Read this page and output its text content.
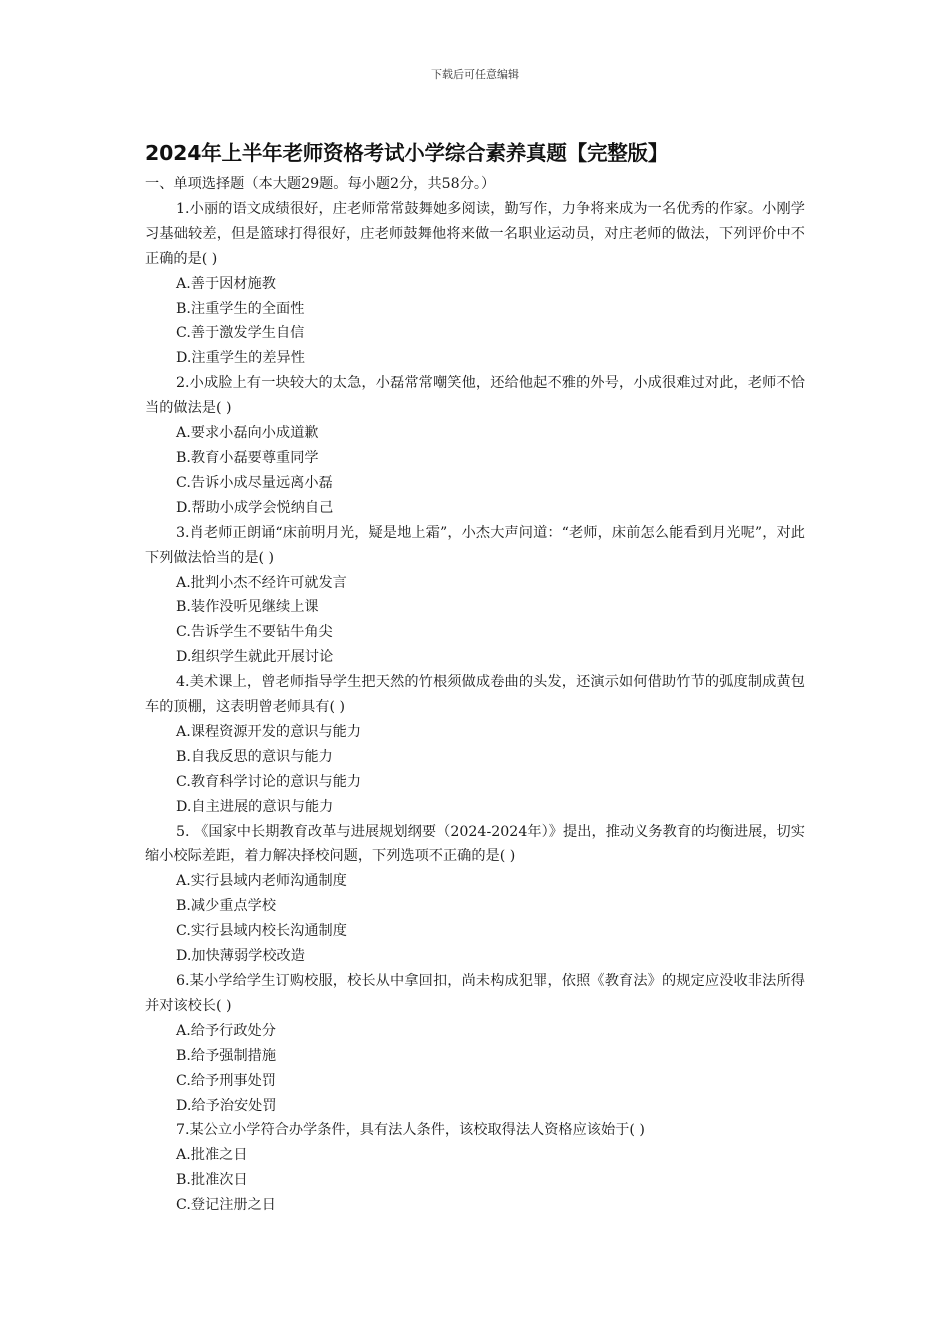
下载后可任意编辑
2024年上半年老师资格考试小学综合素养真题【完整版】
一、单项选择题（本大题29题。每小题2分，共58分。）
1.小丽的语文成绩很好，庄老师常常鼓舞她多阅读，勤写作，力争将来成为一名优秀的作家。小刚学习基础较差，但是篮球打得很好，庄老师鼓舞他将来做一名职业运动员，对庄老师的做法，下列评价中不正确的是( )
A.善于因材施教
B.注重学生的全面性
C.善于激发学生自信
D.注重学生的差异性
2.小成脸上有一块较大的太急，小磊常常嘲笑他，还给他起不雅的外号，小成很难过对此，老师不恰当的做法是( )
A.要求小磊向小成道歉
B.教育小磊要尊重同学
C.告诉小成尽量远离小磊
D.帮助小成学会悦纳自己
3.肖老师正朗诵“床前明月光，疑是地上霜”，小杰大声问道：“老师，床前怎么能看到月光呢”，对此下列做法恰当的是( )
A.批判小杰不经许可就发言
B.装作没听见继续上课
C.告诉学生不要钻牛角尖
D.组织学生就此开展讨论
4.美术课上，曾老师指导学生把天然的竹根须做成卷曲的头发，还演示如何借助竹节的弧度制成黄包车的顶棚，这表明曾老师具有( )
A.课程资源开发的意识与能力
B.自我反思的意识与能力
C.教育科学讨论的意识与能力
D.自主进展的意识与能力
5. 《国家中长期教育改革与进展规划纲要（2024-2024年）》提出，推动义务教育的均衡进展，切实缩小校际差距，着力解决择校问题，下列选项不正确的是( )
A.实行县域内老师沟通制度
B.减少重点学校
C.实行县域内校长沟通制度
D.加快薄弱学校改造
6.某小学给学生订购校服，校长从中拿回扣，尚未构成犯罪，依照《教育法》的规定应没收非法所得并对该校长( )
A.给予行政处分
B.给予强制措施
C.给予刑事处罚
D.给予治安处罚
7.某公立小学符合办学条件，具有法人条件，该校取得法人资格应该始于( )
A.批准之日
B.批准次日
C.登记注册之日
